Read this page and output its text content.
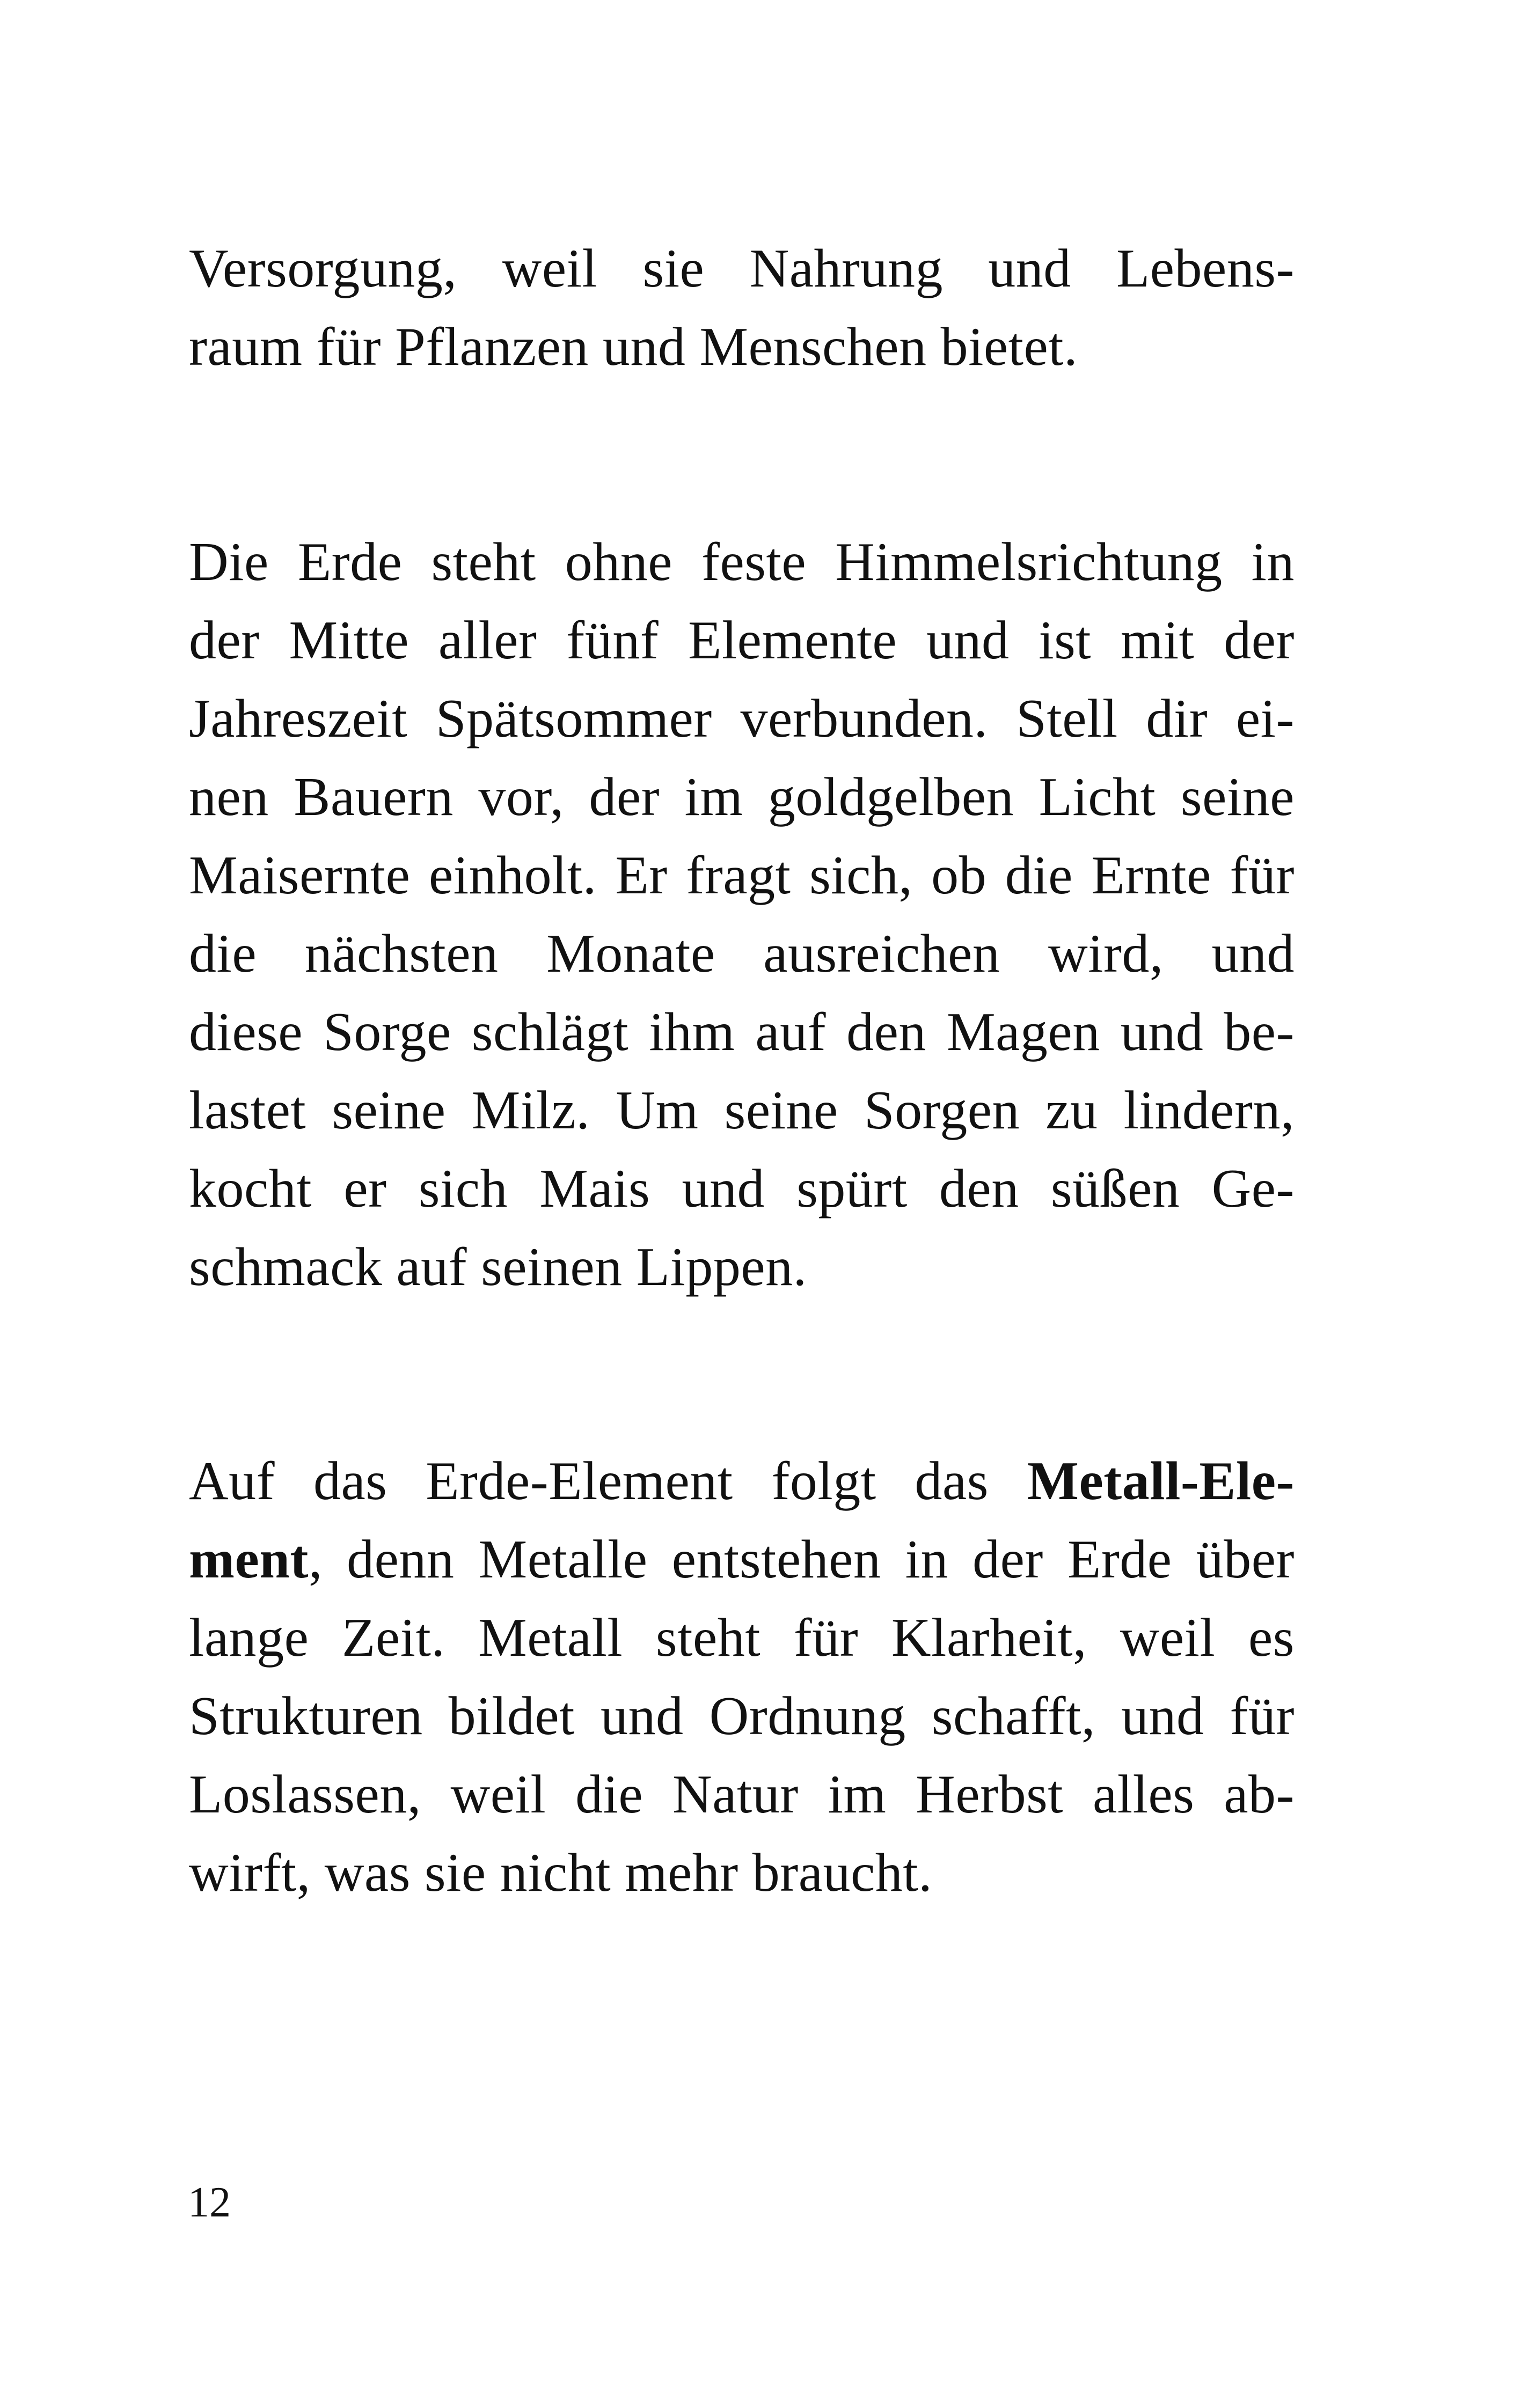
Versorgung, weil sie Nahrung und Lebens-
raum für Pflanzen und Menschen bietet.
Die Erde steht ohne feste Himmelsrichtung in
der Mitte aller fünf Elemente und ist mit der
Jahreszeit Spätsommer verbunden. Stell dir ei-
nen Bauern vor, der im goldgelben Licht seine
Maisernte einholt. Er fragt sich, ob die Ernte für
die nächsten Monate ausreichen wird, und
diese Sorge schlägt ihm auf den Magen und be-
lastet seine Milz. Um seine Sorgen zu lindern,
kocht er sich Mais und spürt den süßen Ge-
schmack auf seinen Lippen.
Auf das Erde-Element folgt das Metall-Ele-
ment, denn Metalle entstehen in der Erde über
lange Zeit. Metall steht für Klarheit, weil es
Strukturen bildet und Ordnung schafft, und für
Loslassen, weil die Natur im Herbst alles ab-
wirft, was sie nicht mehr braucht.
12
